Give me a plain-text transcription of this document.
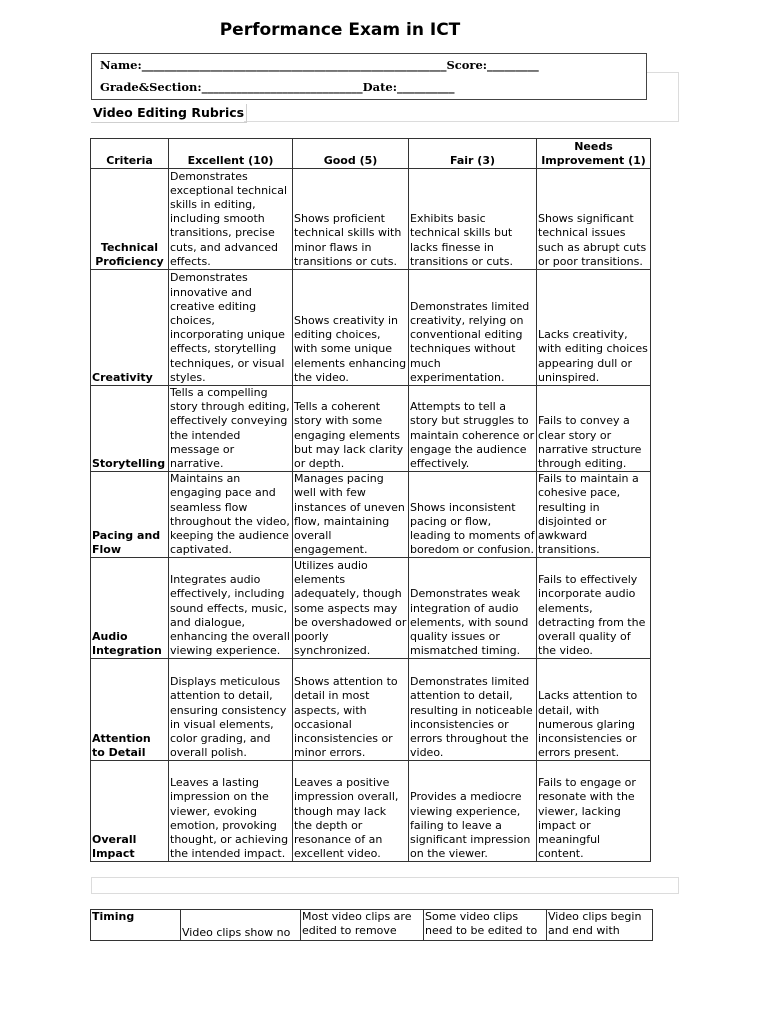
Performance Exam in ICT
Name:_____________________________________________________Score:_________
Grade&Section:____________________________Date:__________
Video Editing Rubrics
Criteria	Excellent (10)	Good (5)	Fair (3)	Needs Improvement (1)
Technical Proficiency	Demonstrates exceptional technical skills in editing, including smooth transitions, precise cuts, and advanced effects.	Shows proficient technical skills with minor flaws in transitions or cuts.	Exhibits basic technical skills but lacks finesse in transitions or cuts.	Shows significant technical issues such as abrupt cuts or poor transitions.
Creativity	Demonstrates innovative and creative editing choices, incorporating unique effects, storytelling techniques, or visual styles.	Shows creativity in editing choices, with some unique elements enhancing the video.	Demonstrates limited creativity, relying on conventional editing techniques without much experimentation.	Lacks creativity, with editing choices appearing dull or uninspired.
Storytelling	Tells a compelling story through editing, effectively conveying the intended message or narrative.	Tells a coherent story with some engaging elements but may lack clarity or depth.	Attempts to tell a story but struggles to maintain coherence or engage the audience effectively.	Fails to convey a clear story or narrative structure through editing.
Pacing and Flow	Maintains an engaging pace and seamless flow throughout the video, keeping the audience captivated.	Manages pacing well with few instances of uneven flow, maintaining overall engagement.	Shows inconsistent pacing or flow, leading to moments of boredom or confusion.	Fails to maintain a cohesive pace, resulting in disjointed or awkward transitions.
Audio Integration	Integrates audio effectively, including sound effects, music, and dialogue, enhancing the overall viewing experience.	Utilizes audio elements adequately, though some aspects may be overshadowed or poorly synchronized.	Demonstrates weak integration of audio elements, with sound quality issues or mismatched timing.	Fails to effectively incorporate audio elements, detracting from the overall quality of the video.
Attention to Detail	Displays meticulous attention to detail, ensuring consistency in visual elements, color grading, and overall polish.	Shows attention to detail in most aspects, with occasional inconsistencies or minor errors.	Demonstrates limited attention to detail, resulting in noticeable inconsistencies or errors throughout the video.	Lacks attention to detail, with numerous glaring inconsistencies or errors present.
Overall Impact	Leaves a lasting impression on the viewer, evoking emotion, provoking thought, or achieving the intended impact.	Leaves a positive impression overall, though may lack the depth or resonance of an excellent video.	Provides a mediocre viewing experience, failing to leave a significant impression on the viewer.	Fails to engage or resonate with the viewer, lacking impact or meaningful content.
Timing	Video clips show no	Most video clips are edited to remove	Some video clips need to be edited to	Video clips begin and end with
